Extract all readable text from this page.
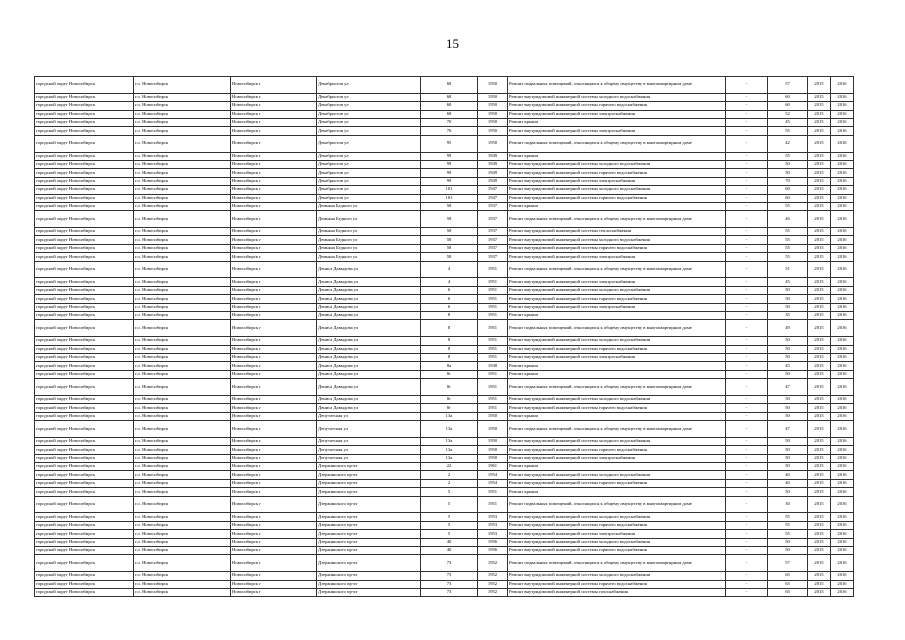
15
городской округ Новосибирск	г.о. Новосибирск	Новосибирск г	Декабристов ул	68	1950	Ремонт подвальных помещений, относящихся к общему имуществу в многоквартирном доме	-	57	2015	2016
городской округ Новосибирск	г.о. Новосибирск	Новосибирск г	Декабристов ул	68	1950	Ремонт внутридомовой инженерной системы холодного водоснабжения	-	60	2015	2016
городской округ Новосибирск	г.о. Новосибирск	Новосибирск г	Декабристов ул	68	1950	Ремонт внутридомовой инженерной системы горячего водоснабжения	-	60	2015	2016
городской округ Новосибирск	г.о. Новосибирск	Новосибирск г	Декабристов ул	68	1950	Ремонт внутридомовой инженерной системы электроснабжения	-	52	2015	2016
городской округ Новосибирск	г.о. Новосибирск	Новосибирск г	Декабристов ул	70	1950	Ремонт крыши	-	45	2015	2016
городской округ Новосибирск	г.о. Новосибирск	Новосибирск г	Декабристов ул	70	1950	Ремонт внутридомовой инженерной системы электроснабжения	-	55	2015	2016
городской округ Новосибирск	г.о. Новосибирск	Новосибирск г	Декабристов ул	95	1950	Ремонт подвальных помещений, относящихся к общему имуществу в многоквартирном доме	-	42	2015	2016
городской округ Новосибирск	г.о. Новосибирск	Новосибирск г	Декабристов ул	99	1949	Ремонт крыши	-	55	2015	2016
городской округ Новосибирск	г.о. Новосибирск	Новосибирск г	Декабристов ул	99	1949	Ремонт внутридомовой инженерной системы холодного водоснабжения	-	50	2015	2016
городской округ Новосибирск	г.о. Новосибирск	Новосибирск г	Декабристов ул	99	1949	Ремонт внутридомовой инженерной системы горячего водоснабжения	-	50	2015	2016
городской округ Новосибирск	г.о. Новосибирск	Новосибирск г	Декабристов ул	99	1949	Ремонт внутридомовой инженерной системы электроснабжения	-	70	2015	2016
городской округ Новосибирск	г.о. Новосибирск	Новосибирск г	Декабристов ул	101	1947	Ремонт внутридомовой инженерной системы холодного водоснабжения	-	60	2015	2016
городской округ Новосибирск	г.о. Новосибирск	Новосибирск г	Декабристов ул	101	1947	Ремонт внутридомовой инженерной системы горячего водоснабжения	-	60	2015	2016
городской округ Новосибирск	г.о. Новосибирск	Новосибирск г	Демьяна Бедного ул	58	1937	Ремонт крыши	-	55	2015	2016
городской округ Новосибирск	г.о. Новосибирск	Новосибирск г	Демьяна Бедного ул	58	1937	Ремонт подвальных помещений, относящихся к общему имуществу в многоквартирном доме	-	46	2015	2016
городской округ Новосибирск	г.о. Новосибирск	Новосибирск г	Демьяна Бедного ул	58	1937	Ремонт внутридомовой инженерной системы теплоснабжения	-	55	2015	2016
городской округ Новосибирск	г.о. Новосибирск	Новосибирск г	Демьяна Бедного ул	58	1937	Ремонт внутридомовой инженерной системы холодного водоснабжения	-	55	2015	2016
городской округ Новосибирск	г.о. Новосибирск	Новосибирск г	Демьяна Бедного ул	58	1937	Ремонт внутридомовой инженерной системы горячего водоснабжения	-	55	2015	2016
городской округ Новосибирск	г.о. Новосибирск	Новосибирск г	Демьяна Бедного ул	58	1937	Ремонт внутридомовой инженерной системы электроснабжения	-	55	2015	2016
городской округ Новосибирск	г.о. Новосибирск	Новосибирск г	Дениса Давыдова ул	4	1951	Ремонт подвальных помещений, относящихся к общему имуществу в многоквартирном доме	-	51	2015	2016
городской округ Новосибирск	г.о. Новосибирск	Новосибирск г	Дениса Давыдова ул	4	1951	Ремонт внутридомовой инженерной системы электроснабжения	-	45	2015	2016
городской округ Новосибирск	г.о. Новосибирск	Новосибирск г	Дениса Давыдова ул	6	1951	Ремонт внутридомовой инженерной системы холодного водоснабжения	-	50	2015	2016
городской округ Новосибирск	г.о. Новосибирск	Новосибирск г	Дениса Давыдова ул	6	1951	Ремонт внутридомовой инженерной системы горячего водоснабжения	-	50	2015	2016
городской округ Новосибирск	г.о. Новосибирск	Новосибирск г	Дениса Давыдова ул	6	1951	Ремонт внутридомовой инженерной системы электроснабжения	-	50	2015	2016
городской округ Новосибирск	г.о. Новосибирск	Новосибирск г	Дениса Давыдова ул	8	1951	Ремонт крыши	-	35	2015	2016
городской округ Новосибирск	г.о. Новосибирск	Новосибирск г	Дениса Давыдова ул	8	1951	Ремонт подвальных помещений, относящихся к общему имуществу в многоквартирном доме	-	49	2015	2016
городской округ Новосибирск	г.о. Новосибирск	Новосибирск г	Дениса Давыдова ул	8	1951	Ремонт внутридомовой инженерной системы холодного водоснабжения	-	50	2015	2016
городской округ Новосибирск	г.о. Новосибирск	Новосибирск г	Дениса Давыдова ул	8	1951	Ремонт внутридомовой инженерной системы горячего водоснабжения	-	50	2015	2016
городской округ Новосибирск	г.о. Новосибирск	Новосибирск г	Дениса Давыдова ул	8	1951	Ремонт внутридомовой инженерной системы электроснабжения	-	50	2015	2016
городской округ Новосибирск	г.о. Новосибирск	Новосибирск г	Дениса Давыдова ул	8а	1938	Ремонт крыши	-	45	2015	2016
городской округ Новосибирск	г.о. Новосибирск	Новосибирск г	Дениса Давыдова ул	8г	1951	Ремонт крыши	-	50	2015	2016
городской округ Новосибирск	г.о. Новосибирск	Новосибирск г	Дениса Давыдова ул	8г	1951	Ремонт подвальных помещений, относящихся к общему имуществу в многоквартирном доме	-	47	2015	2016
городской округ Новосибирск	г.о. Новосибирск	Новосибирск г	Дениса Давыдова ул	8г	1951	Ремонт внутридомовой инженерной системы холодного водоснабжения	-	50	2015	2016
городской округ Новосибирск	г.о. Новосибирск	Новосибирск г	Дениса Давыдова ул	8г	1951	Ремонт внутридомовой инженерной системы горячего водоснабжения	-	50	2015	2016
городской округ Новосибирск	г.о. Новосибирск	Новосибирск г	Депутатская ул	13а	1950	Ремонт крыши	-	50	2015	2016
городской округ Новосибирск	г.о. Новосибирск	Новосибирск г	Депутатская ул	13а	1950	Ремонт подвальных помещений, относящихся к общему имуществу в многоквартирном доме	-	47	2015	2016
городской округ Новосибирск	г.о. Новосибирск	Новосибирск г	Депутатская ул	13а	1950	Ремонт внутридомовой инженерной системы холодного водоснабжения	-	50	2015	2016
городской округ Новосибирск	г.о. Новосибирск	Новосибирск г	Депутатская ул	13а	1950	Ремонт внутридомовой инженерной системы горячего водоснабжения	-	50	2015	2016
городской округ Новосибирск	г.о. Новосибирск	Новосибирск г	Депутатская ул	13а	1950	Ремонт внутридомовой инженерной системы электроснабжения	-	50	2015	2016
городской округ Новосибирск	г.о. Новосибирск	Новосибирск г	Дзержинского пр-кт	22	1961	Ремонт крыши	-	50	2015	2016
городской округ Новосибирск	г.о. Новосибирск	Новосибирск г	Дзержинского пр-кт	2	1954	Ремонт внутридомовой инженерной системы холодного водоснабжения	-	40	2015	2016
городской округ Новосибирск	г.о. Новосибирск	Новосибирск г	Дзержинского пр-кт	2	1954	Ремонт внутридомовой инженерной системы горячего водоснабжения	-	40	2015	2016
городской округ Новосибирск	г.о. Новосибирск	Новосибирск г	Дзержинского пр-кт	5	1951	Ремонт крыши	-	50	2015	2016
городской округ Новосибирск	г.о. Новосибирск	Новосибирск г	Дзержинского пр-кт	5	1951	Ремонт подвальных помещений, относящихся к общему имуществу в многоквартирном доме	-	30	2015	2016
городской округ Новосибирск	г.о. Новосибирск	Новосибирск г	Дзержинского пр-кт	5	1953	Ремонт внутридомовой инженерной системы холодного водоснабжения	-	55	2015	2016
городской округ Новосибирск	г.о. Новосибирск	Новосибирск г	Дзержинского пр-кт	5	1953	Ремонт внутридомовой инженерной системы горячего водоснабжения	-	55	2015	2016
городской округ Новосибирск	г.о. Новосибирск	Новосибирск г	Дзержинского пр-кт	5	1953	Ремонт внутридомовой инженерной системы электроснабжения	-	55	2015	2016
городской округ Новосибирск	г.о. Новосибирск	Новосибирск г	Дзержинского пр-кт	40	1956	Ремонт внутридомовой инженерной системы холодного водоснабжения	-	50	2015	2016
городской округ Новосибирск	г.о. Новосибирск	Новосибирск г	Дзержинского пр-кт	40	1956	Ремонт внутридомовой инженерной системы горячего водоснабжения	-	50	2015	2016
городской округ Новосибирск	г.о. Новосибирск	Новосибирск г	Дзержинского пр-кт	73	1952	Ремонт подвальных помещений, относящихся к общему имуществу в многоквартирном доме	-	57	2015	2016
городской округ Новосибирск	г.о. Новосибирск	Новосибирск г	Дзержинского пр-кт	73	1952	Ремонт внутридомовой инженерной системы холодного водоснабжения	-	65	2015	2016
городской округ Новосибирск	г.о. Новосибирск	Новосибирск г	Дзержинского пр-кт	73	1952	Ремонт внутридомовой инженерной системы горячего водоснабжения	-	65	2015	2016
городской округ Новосибирск	г.о. Новосибирск	Новосибирск г	Дзержинского пр-кт	73	1952	Ремонт внутридомовой инженерной системы газоснабжения	-	65	2015	2016
